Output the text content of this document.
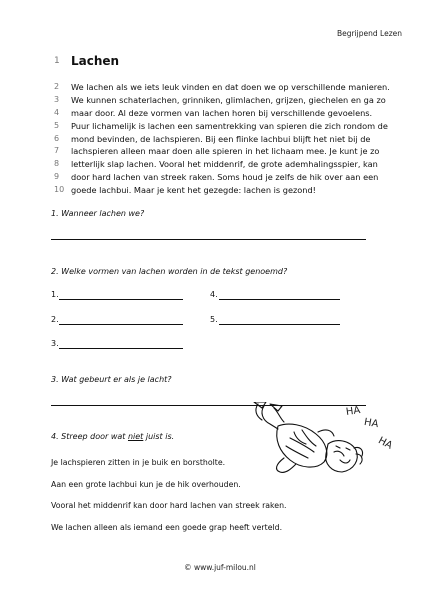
Begrijpend Lezen
1 Lachen
2	We lachen als we iets leuk vinden en dat doen we op verschillende manieren.
3	We kunnen schaterlachen, grinniken, glimlachen, grijzen, giechelen en ga zo
4	maar door. Al deze vormen van lachen horen bij verschillende gevoelens.
5	Puur lichamelijk is lachen een samentrekking van spieren die zich rondom de
6	mond bevinden, de lachspieren. Bij een flinke lachbui blijft het niet bij de
7	lachspieren alleen maar doen alle spieren in het lichaam mee. Je kunt je zo
8	letterlijk slap lachen. Vooral het middenrif, de grote ademhalingsspier, kan
9	door hard lachen van streek raken. Soms houd je zelfs de hik over aan een
10 goede lachbui. Maar je kent het gezegde: lachen is gezond!
1. Wanneer lachen we?
2. Welke vormen van lachen worden in de tekst genoemd?
1.	4.
2.	5.
3.
3. Wat gebeurt er als je lacht?
4. Streep door wat niet juist is.
HA
HA
HA
Je lachspieren zitten in je buik en borstholte.
Aan een grote lachbui kun je de hik overhouden.
Vooral het middenrif kan door hard lachen van streek raken.
We lachen alleen als iemand een goede grap heeft verteld.
© www.juf-milou.nl
